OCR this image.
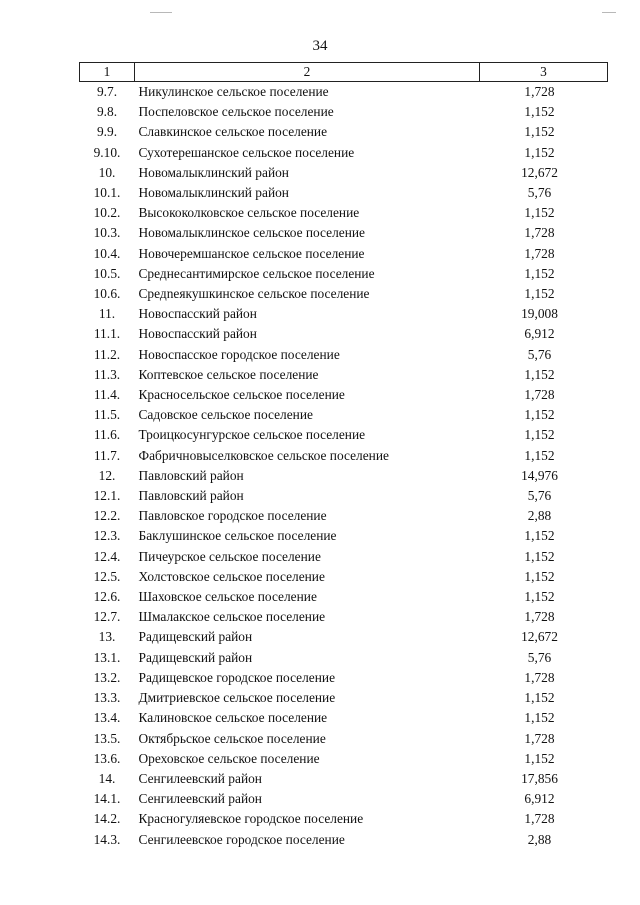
34
1	2	3
9.7.	Никулинское сельское поселение	1,728
9.8.	Поспеловское сельское поселение	1,152
9.9.	Славкинское сельское поселение	1,152
9.10.	Сухотерешанское сельское поселение	1,152
10.	Новомалыклинский район	12,672
10.1.	Новомалыклинский район	5,76
10.2.	Высококолковское сельское поселение	1,152
10.3.	Новомалыклинское сельское поселение	1,728
10.4.	Новочеремшанское сельское поселение	1,728
10.5.	Среднесантимирское сельское поселение	1,152
10.6.	Средneякушкинское сельское поселение	1,152
11.	Новоспасский район	19,008
11.1.	Новоспасский район	6,912
11.2.	Новоспасское городское поселение	5,76
11.3.	Коптевское сельское поселение	1,152
11.4.	Красносельское сельское поселение	1,728
11.5.	Садовское сельское поселение	1,152
11.6.	Троицкосунгурское сельское поселение	1,152
11.7.	Фабричновыселковское сельское поселение	1,152
12.	Павловский район	14,976
12.1.	Павловский район	5,76
12.2.	Павловское городское поселение	2,88
12.3.	Баклушинское сельское поселение	1,152
12.4.	Пичеурское сельское поселение	1,152
12.5.	Холстовское сельское поселение	1,152
12.6.	Шаховское сельское поселение	1,152
12.7.	Шмалакское сельское поселение	1,728
13.	Радищевский район	12,672
13.1.	Радищевский район	5,76
13.2.	Радищевское городское поселение	1,728
13.3.	Дмитриевское сельское поселение	1,152
13.4.	Калиновское сельское поселение	1,152
13.5.	Октябрьское сельское поселение	1,728
13.6.	Ореховское сельское поселение	1,152
14.	Сенгилеевский район	17,856
14.1.	Сенгилеевский район	6,912
14.2.	Красногуляевское городское поселение	1,728
14.3.	Сенгилеевское городское поселение	2,88
